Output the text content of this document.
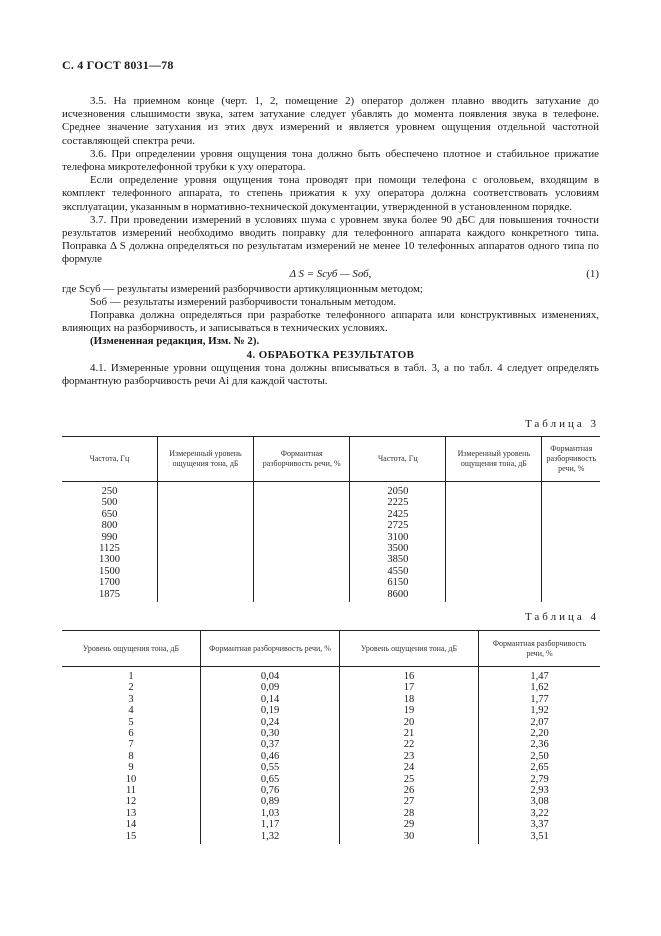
С. 4 ГОСТ 8031—78

3.5. На приемном конце (черт. 1, 2, помещение 2) оператор должен плавно вводить затухание до исчезновения слышимости звука, затем затухание следует убавлять до момента появления звука в телефоне. Среднее значение затухания из этих двух измерений и является уровнем ощущения отдельной частотной составляющей спектра речи.

3.6. При определении уровня ощущения тона должно быть обеспечено плотное и стабильное прижатие телефона микротелефонной трубки к уху оператора.

Если определение уровня ощущения тона проводят при помощи телефона с оголовьем, входящим в комплект телефонного аппарата, то степень прижатия к уху оператора должна соответствовать условиям эксплуатации, указанным в нормативно-технической документации, утвержденной в установленном порядке.

3.7. При проведении измерений в условиях шума с уровнем звука более 90 дБС для повышения точности результатов измерений необходимо вводить поправку для телефонного аппарата каждого конкретного типа. Поправка Δ S должна определяться по результатам измерений не менее 10 телефонных аппаратов одного типа по формуле

Δ S = Sсуб — Sоб,	(1)

где Sсуб — результаты измерений разборчивости артикуляционным методом;

Sоб — результаты измерений разборчивости тональным методом.

Поправка должна определяться при разработке телефонного аппарата или конструктивных изменениях, влияющих на разборчивость, и записываться в технических условиях.

(Измененная редакция, Изм. № 2).

4. ОБРАБОТКА РЕЗУЛЬТАТОВ

4.1. Измеренные уровни ощущения тона должны вписываться в табл. 3, а по табл. 4 следует определять формантную разборчивость речи Ai для каждой частоты.

Таблица 3
Частота, Гц	Измеренный уровень ощущения тона, дБ	Формантная разборчивость речи, %	Частота, Гц	Измеренный уровень ощущения тона, дБ	Формантная разборчивость речи, %

250			2050		
500			2225		
650			2425		
800			2725		
990			3100		
1125			3500		
1300			3850		
1500			4550		
1700			6150		
1875			8600		
Таблица 4
Уровень ощущения тона, дБ	Формантная разборчивость речи, %	Уровень ощущения тона, дБ	Формантная разборчивость речи, %

1	0,04	16	1,47
2	0,09	17	1,62
3	0,14	18	1,77
4	0,19	19	1,92
5	0,24	20	2,07
6	0,30	21	2,20
7	0,37	22	2,36
8	0,46	23	2,50
9	0,55	24	2,65
10	0,65	25	2,79
11	0,76	26	2,93
12	0,89	27	3,08
13	1,03	28	3,22
14	1,17	29	3,37
15	1,32	30	3,51
